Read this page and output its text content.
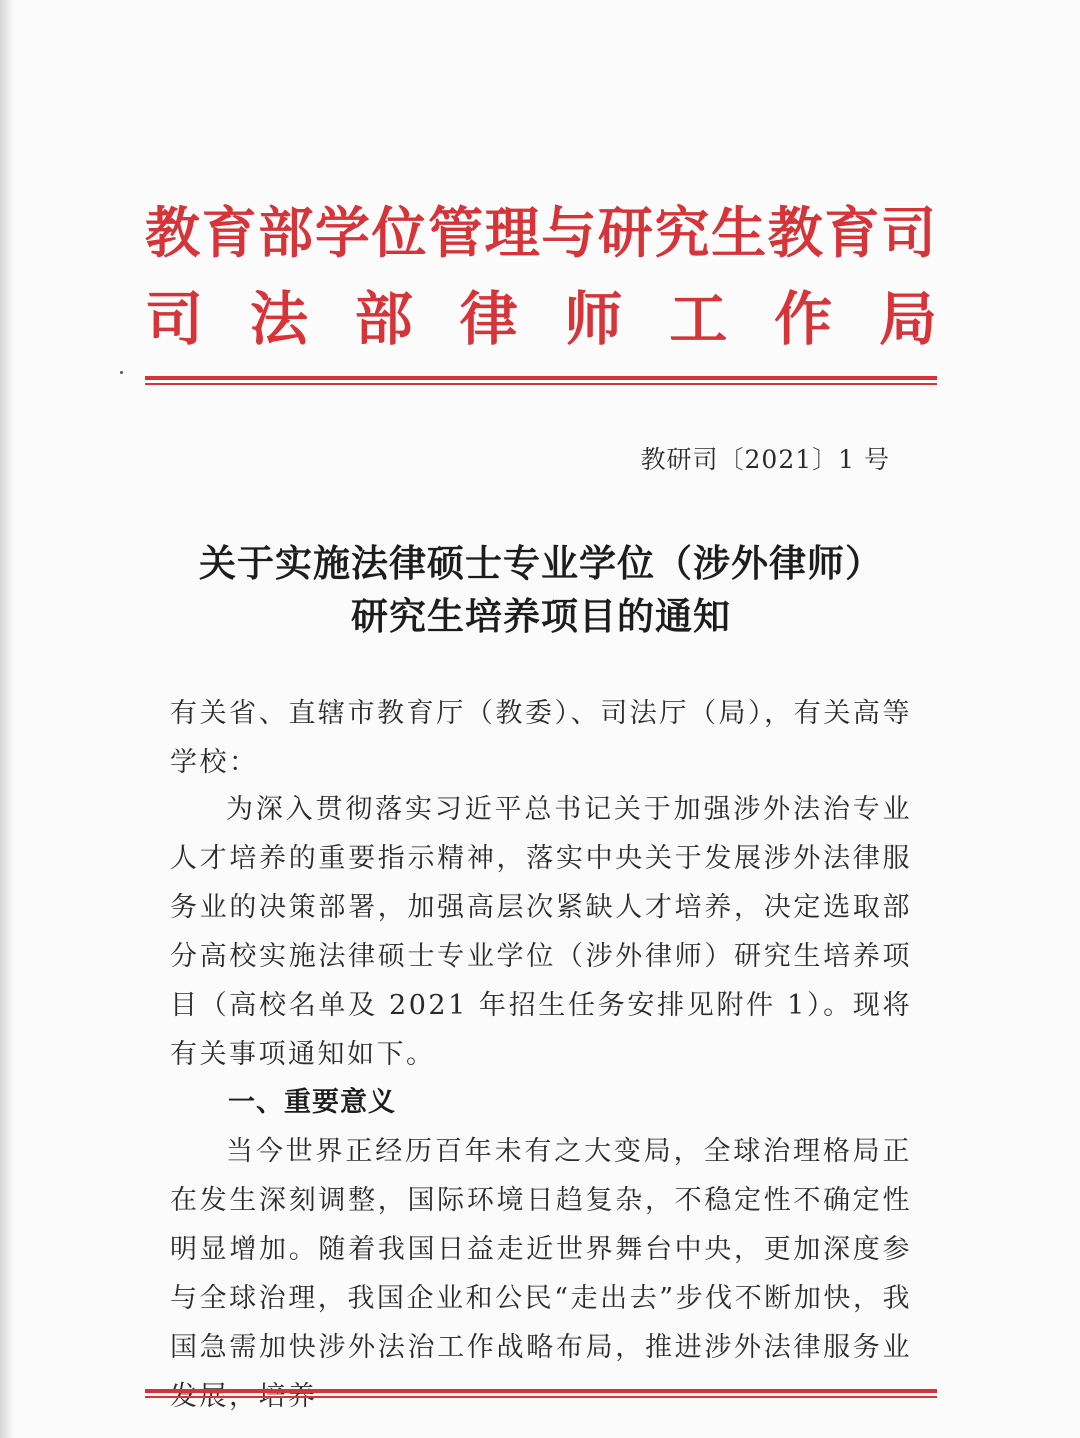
教育部学位管理与研究生教育司
司法部律师工作局
教研司〔2021〕1 号
关于实施法律硕士专业学位（涉外律师）
研究生培养项目的通知
有关省、直辖市教育厅（教委）、司法厅（局），有关高等学校：
为深入贯彻落实习近平总书记关于加强涉外法治专业人才培养的重要指示精神，落实中央关于发展涉外法律服务业的决策部署，加强高层次紧缺人才培养，决定选取部分高校实施法律硕士专业学位（涉外律师）研究生培养项目（高校名单及 2021 年招生任务安排见附件 1）。现将有关事项通知如下。
一、重要意义
当今世界正经历百年未有之大变局，全球治理格局正在发生深刻调整，国际环境日趋复杂，不稳定性不确定性明显增加。随着我国日益走近世界舞台中央，更加深度参与全球治理，我国企业和公民“走出去”步伐不断加快，我国急需加快涉外法治工作战略布局，推进涉外法律服务业
